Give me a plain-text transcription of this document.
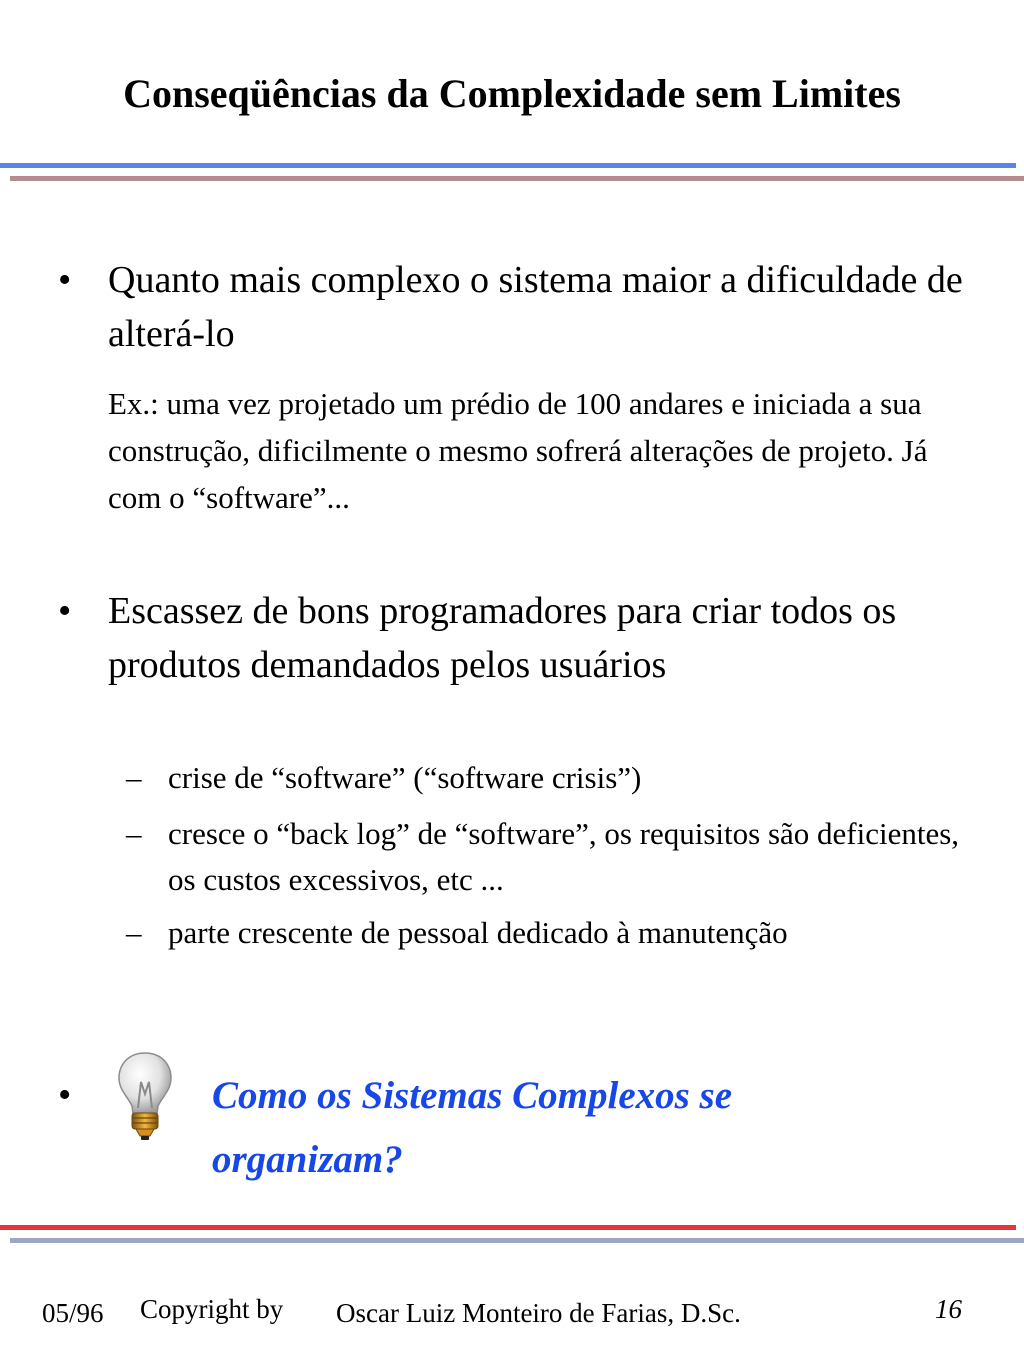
Conseqüências da Complexidade sem Limites
• Quanto mais complexo o sistema maior a dificuldade de alterá-lo
Ex.: uma vez projetado um prédio de 100 andares e iniciada a sua construção, dificilmente o mesmo sofrerá alterações de projeto. Já com o “software”...
• Escassez de bons programadores para criar todos os produtos demandados pelos usuários
– crise de “software” (“software crisis”)
– cresce o “back log” de “software”, os requisitos são deficientes, os custos excessivos, etc ...
– parte crescente de pessoal dedicado à manutenção
•	Como os Sistemas Complexos se organizam?
05/96 Copyright by Oscar Luiz Monteiro de Farias, D.Sc.	16
